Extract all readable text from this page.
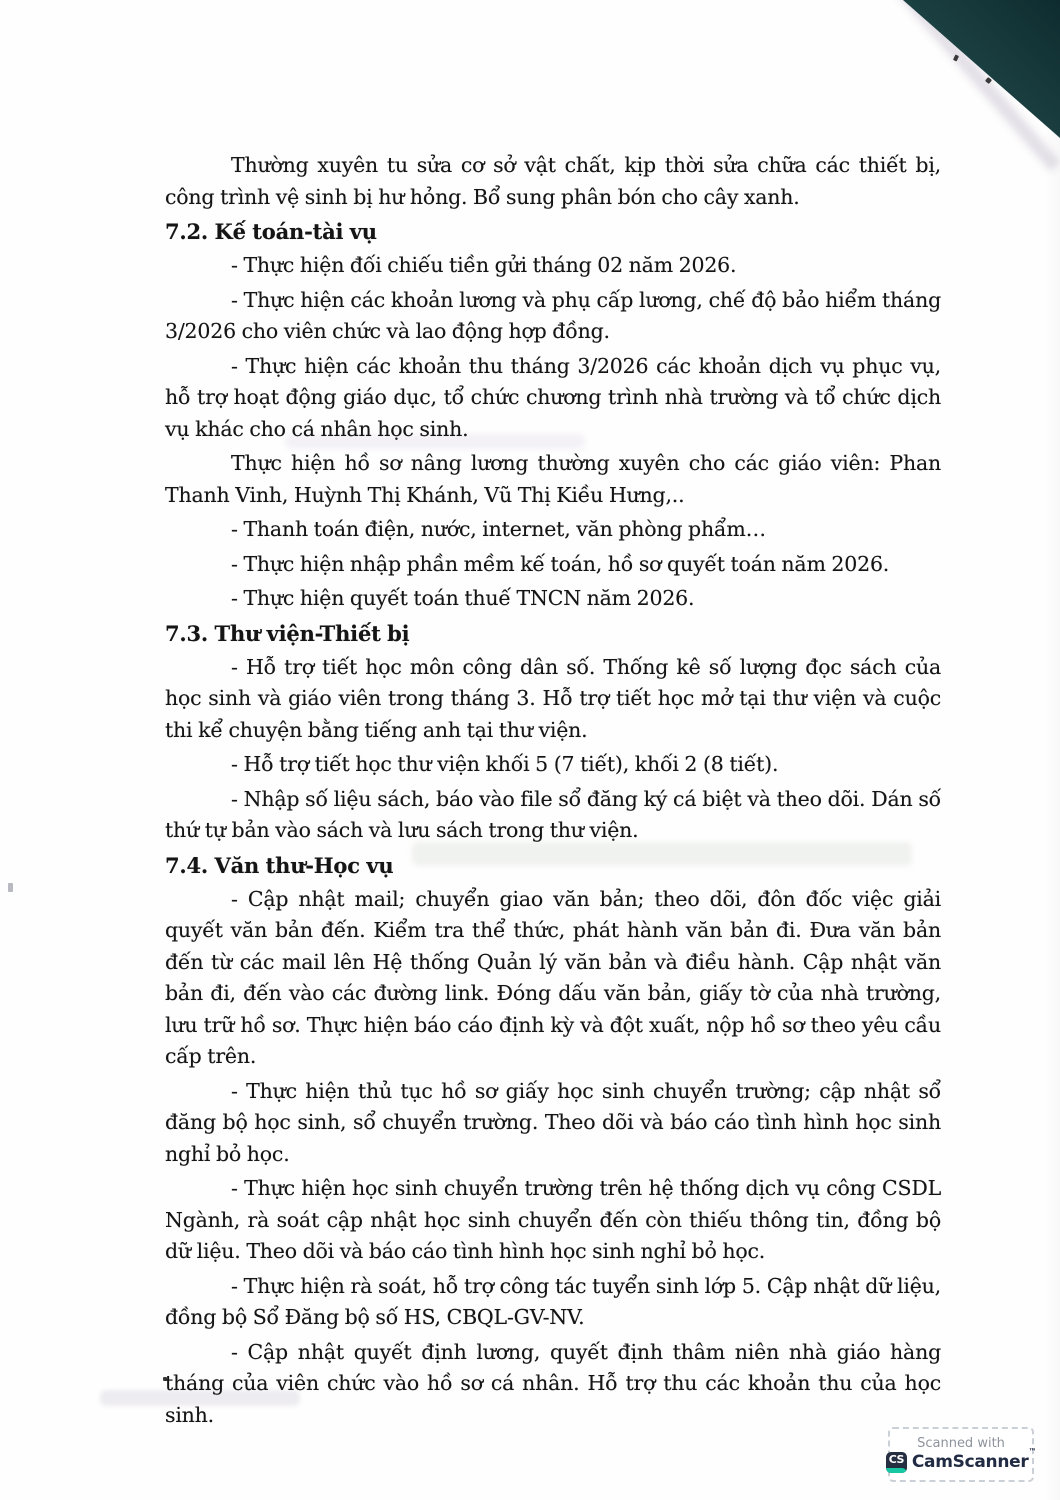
Thường xuyên tu sửa cơ sở vật chất, kịp thời sửa chữa các thiết bị, công trình vệ sinh bị hư hỏng. Bổ sung phân bón cho cây xanh.

7.2. Kế toán-tài vụ

- Thực hiện đối chiếu tiền gửi tháng 02 năm 2026.

- Thực hiện các khoản lương và phụ cấp lương, chế độ bảo hiểm tháng 3/2026 cho viên chức và lao động hợp đồng.

- Thực hiện các khoản thu tháng 3/2026 các khoản dịch vụ phục vụ, hỗ trợ hoạt động giáo dục, tổ chức chương trình nhà trường và tổ chức dịch vụ khác cho cá nhân học sinh.

Thực hiện hồ sơ nâng lương thường xuyên cho các giáo viên: Phan Thanh Vinh, Huỳnh Thị Khánh, Vũ Thị Kiều Hưng,..

- Thanh toán điện, nước, internet, văn phòng phẩm…

- Thực hiện nhập phần mềm kế toán, hồ sơ quyết toán năm 2026.

- Thực hiện quyết toán thuế TNCN năm 2026.

7.3. Thư viện-Thiết bị

- Hỗ trợ tiết học môn công dân số. Thống kê số lượng đọc sách của học sinh và giáo viên trong tháng 3. Hỗ trợ tiết học mở tại thư viện và cuộc thi kể chuyện bằng tiếng anh tại thư viện.

- Hỗ trợ tiết học thư viện khối 5 (7 tiết), khối 2 (8 tiết).

- Nhập số liệu sách, báo vào file sổ đăng ký cá biệt và theo dõi. Dán số thứ tự bản vào sách và lưu sách trong thư viện.

7.4. Văn thư-Học vụ

- Cập nhật mail; chuyển giao văn bản; theo dõi, đôn đốc việc giải quyết văn bản đến. Kiểm tra thể thức, phát hành văn bản đi. Đưa văn bản đến từ các mail lên Hệ thống Quản lý văn bản và điều hành. Cập nhật văn bản đi, đến vào các đường link. Đóng dấu văn bản, giấy tờ của nhà trường, lưu trữ hồ sơ. Thực hiện báo cáo định kỳ và đột xuất, nộp hồ sơ theo yêu cầu cấp trên.

- Thực hiện thủ tục hồ sơ giấy học sinh chuyển trường; cập nhật sổ đăng bộ học sinh, sổ chuyển trường. Theo dõi và báo cáo tình hình học sinh nghỉ bỏ học.

- Thực hiện học sinh chuyển trường trên hệ thống dịch vụ công CSDL Ngành, rà soát cập nhật học sinh chuyển đến còn thiếu thông tin, đồng bộ dữ liệu. Theo dõi và báo cáo tình hình học sinh nghỉ bỏ học.

- Thực hiện rà soát, hỗ trợ công tác tuyển sinh lớp 5. Cập nhật dữ liệu, đồng bộ Sổ Đăng bộ số HS, CBQL-GV-NV.

- Cập nhật quyết định lương, quyết định thâm niên nhà giáo hàng tháng của viên chức vào hồ sơ cá nhân. Hỗ trợ thu các khoản thu của học sinh.

Scanned with
CS CamScanner™
